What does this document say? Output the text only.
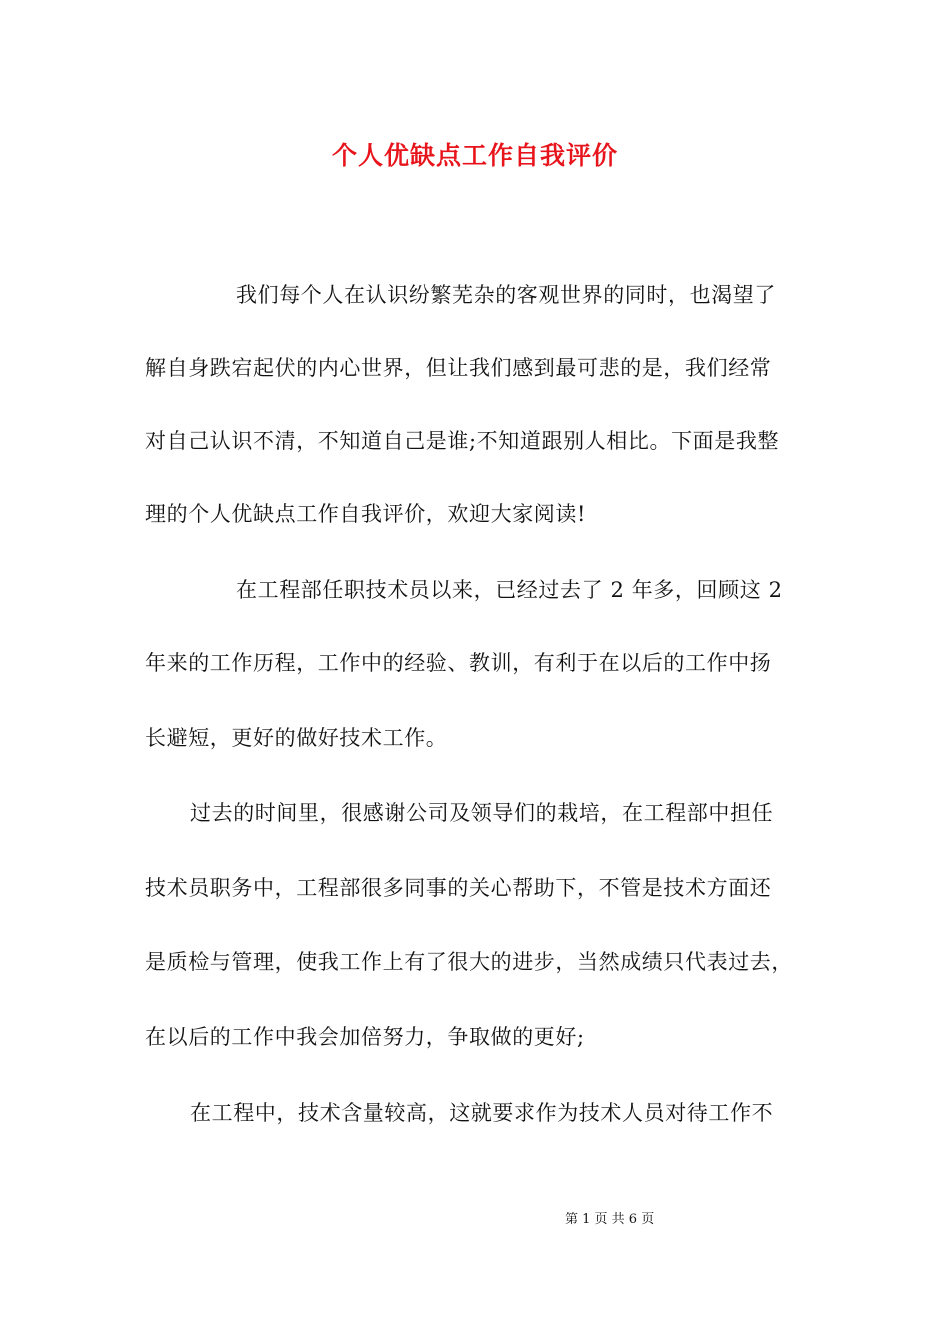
个人优缺点工作自我评价
我们每个人在认识纷繁芜杂的客观世界的同时，也渴望了
解自身跌宕起伏的内心世界，但让我们感到最可悲的是，我们经常
对自己认识不清，不知道自己是谁;不知道跟别人相比。下面是我整
理的个人优缺点工作自我评价，欢迎大家阅读!
在工程部任职技术员以来，已经过去了 2 年多，回顾这 2
年来的工作历程，工作中的经验、教训，有利于在以后的工作中扬
长避短，更好的做好技术工作。
过去的时间里，很感谢公司及领导们的栽培，在工程部中担任
技术员职务中，工程部很多同事的关心帮助下，不管是技术方面还
是质检与管理，使我工作上有了很大的进步，当然成绩只代表过去，
在以后的工作中我会加倍努力，争取做的更好;
在工程中，技术含量较高，这就要求作为技术人员对待工作不
第 1 页 共 6 页
